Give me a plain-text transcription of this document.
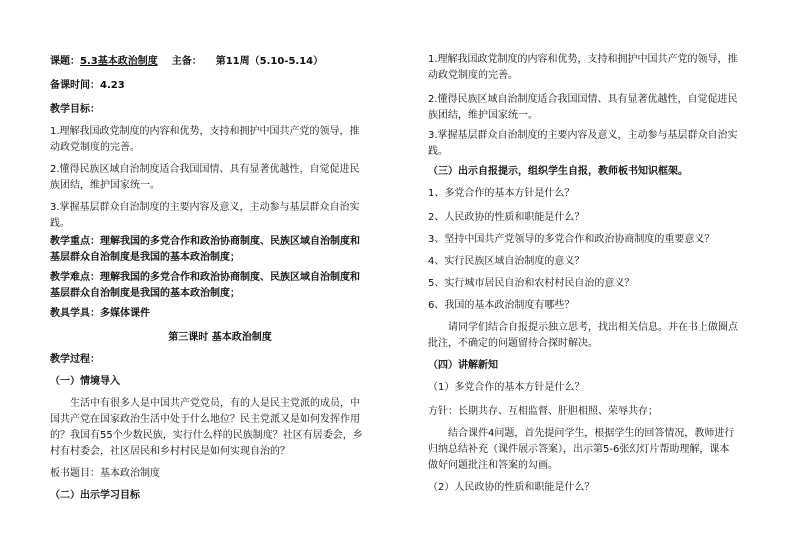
课题：5.3基本政治制度 主备： 第11周（5.10-5.14）
备课时间：4.23
教学目标：
1.理解我国政党制度的内容和优势，支持和拥护中国共产党的领导，推
动政党制度的完善。
2.懂得民族区域自治制度适合我国国情、具有显著优越性，自觉促进民
族团结，维护国家统一。
3.掌握基层群众自治制度的主要内容及意义，主动参与基层群众自治实
践。
教学重点：理解我国的多党合作和政治协商制度、民族区域自治制度和
基层群众自治制度是我国的基本政治制度；
教学难点：理解我国的多党合作和政治协商制度、民族区域自治制度和
基层群众自治制度是我国的基本政治制度；
教具学具：多媒体课件
第三课时 基本政治制度
教学过程：
（一）情境导入
生活中有很多人是中国共产党党员，有的人是民主党派的成员，中
国共产党在国家政治生活中处于什么地位？民主党派又是如何发挥作用
的？我国有55个少数民族，实行什么样的民族制度？社区有居委会，乡
村有村委会，社区居民和乡村村民是如何实现自治的？
板书题目：基本政治制度
（二）出示学习目标
1.理解我国政党制度的内容和优势，支持和拥护中国共产党的领导，推
动政党制度的完善。
2.懂得民族区域自治制度适合我国国情、具有显著优越性，自觉促进民
族团结，维护国家统一。
3.掌握基层群众自治制度的主要内容及意义，主动参与基层群众自治实
践。
（三）出示自报提示，组织学生自报，教师板书知识框架。
1、多党合作的基本方针是什么？
2、人民政协的性质和职能是什么？
3、坚持中国共产党领导的多党合作和政治协商制度的重要意义？
4、实行民族区域自治制度的意义？
5、实行城市居民自治和农村村民自治的意义？
6、我国的基本政治制度有哪些？
请同学们结合自报提示独立思考，找出相关信息。并在书上做圈点
批注，不确定的问题留待合探时解决。
（四）讲解新知
（1）多党合作的基本方针是什么？
方针：长期共存、互相监督、肝胆相照、荣辱共存；
结合课件4问题，首先提问学生，根据学生的回答情况，教师进行
归纳总结补充（课件展示答案），出示第5-6张幻灯片帮助理解，课本
做好问题批注和答案的勾画。
（2）人民政协的性质和职能是什么？
